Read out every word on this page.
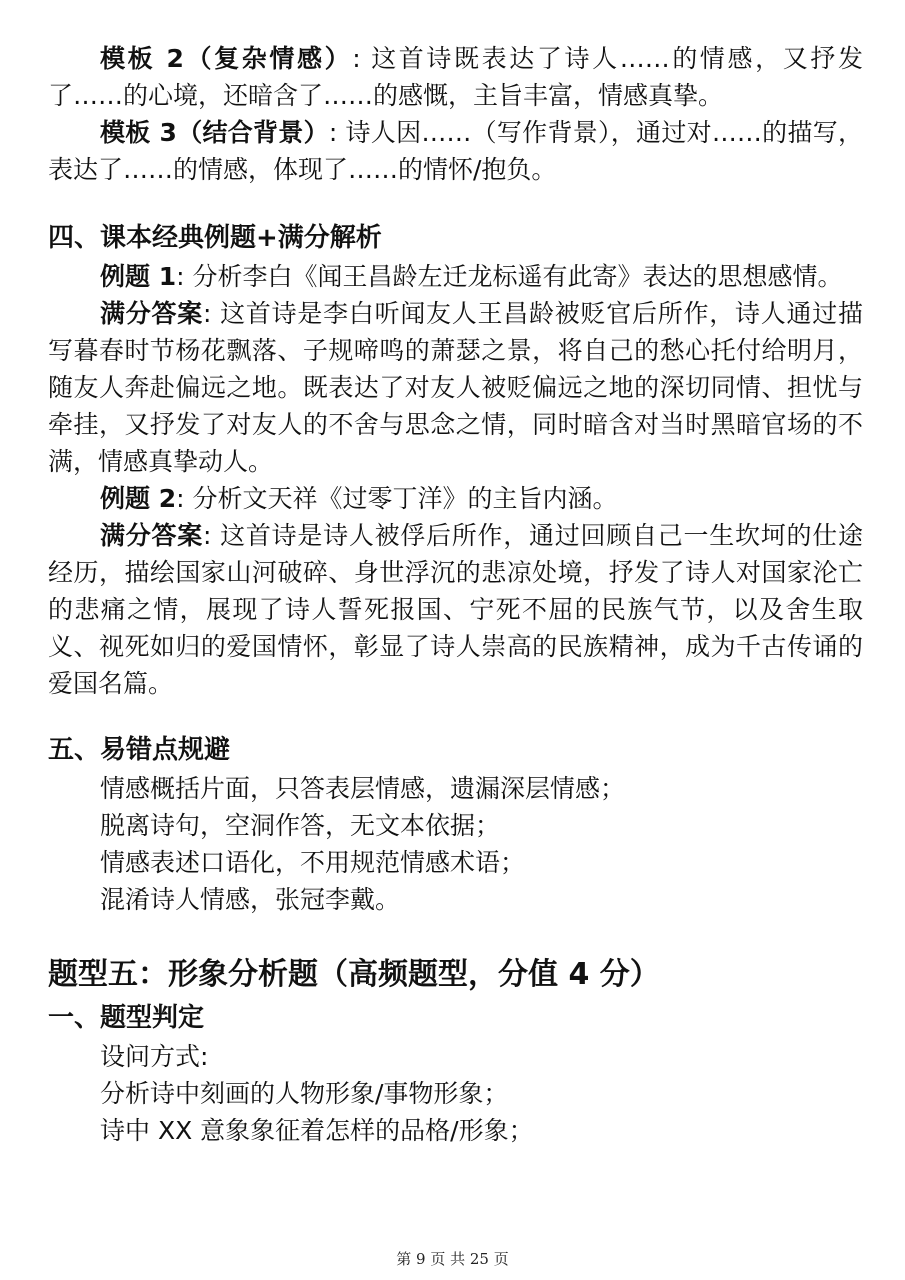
模板 2（复杂情感）: 这首诗既表达了诗人……的情感，又抒发了……的心境，还暗含了……的感慨，主旨丰富，情感真挚。

模板 3（结合背景）: 诗人因……（写作背景），通过对……的描写，表达了……的情感，体现了……的情怀/抱负。

四、课本经典例题+满分解析

例题 1: 分析李白《闻王昌龄左迁龙标遥有此寄》表达的思想感情。

满分答案: 这首诗是李白听闻友人王昌龄被贬官后所作，诗人通过描写暮春时节杨花飘落、子规啼鸣的萧瑟之景，将自己的愁心托付给明月，随友人奔赴偏远之地。既表达了对友人被贬偏远之地的深切同情、担忧与牵挂，又抒发了对友人的不舍与思念之情，同时暗含对当时黑暗官场的不满，情感真挚动人。

例题 2: 分析文天祥《过零丁洋》的主旨内涵。

满分答案: 这首诗是诗人被俘后所作，通过回顾自己一生坎坷的仕途经历，描绘国家山河破碎、身世浮沉的悲凉处境，抒发了诗人对国家沦亡的悲痛之情，展现了诗人誓死报国、宁死不屈的民族气节，以及舍生取义、视死如归的爱国情怀，彰显了诗人崇高的民族精神，成为千古传诵的爱国名篇。

五、易错点规避

情感概括片面，只答表层情感，遗漏深层情感；

脱离诗句，空洞作答，无文本依据；

情感表述口语化，不用规范情感术语；

混淆诗人情感，张冠李戴。

题型五：形象分析题（高频题型，分值 4 分）

一、题型判定

设问方式:

分析诗中刻画的人物形象/事物形象；

诗中 XX 意象象征着怎样的品格/形象；

第 9 页 共 25 页
